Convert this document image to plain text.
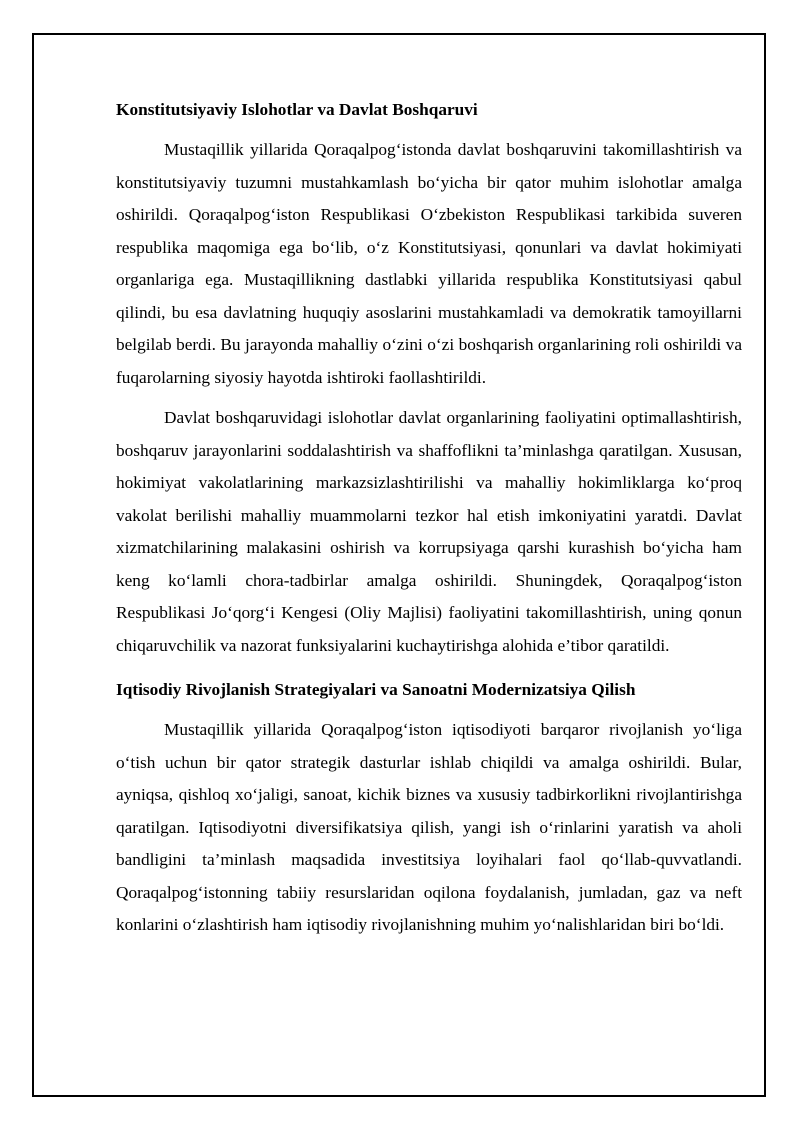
Konstitutsiyaviy Islohotlar va Davlat Boshqaruvi

Mustaqillik yillarida Qoraqalpog‘istonda davlat boshqaruvini takomillashtirish va konstitutsiyaviy tuzumni mustahkamlash bo‘yicha bir qator muhim islohotlar amalga oshirildi. Qoraqalpog‘iston Respublikasi O‘zbekiston Respublikasi tarkibida suveren respublika maqomiga ega bo‘lib, o‘z Konstitutsiyasi, qonunlari va davlat hokimiyati organlariga ega. Mustaqillikning dastlabki yillarida respublika Konstitutsiyasi qabul qilindi, bu esa davlatning huquqiy asoslarini mustahkamladi va demokratik tamoyillarni belgilab berdi. Bu jarayonda mahalliy o‘zini o‘zi boshqarish organlarining roli oshirildi va fuqarolarning siyosiy hayotda ishtiroki faollashtirildi.

Davlat boshqaruvidagi islohotlar davlat organlarining faoliyatini optimallashtirish, boshqaruv jarayonlarini soddalashtirish va shaffoflikni ta’minlashga qaratilgan. Xususan, hokimiyat vakolatlarining markazsizlashtirilishi va mahalliy hokimliklarga ko‘proq vakolat berilishi mahalliy muammolarni tezkor hal etish imkoniyatini yaratdi. Davlat xizmatchilarining malakasini oshirish va korrupsiyaga qarshi kurashish bo‘yicha ham keng ko‘lamli chora-tadbirlar amalga oshirildi. Shuningdek, Qoraqalpog‘iston Respublikasi Jo‘qorg‘i Kengesi (Oliy Majlisi) faoliyatini takomillashtirish, uning qonun chiqaruvchilik va nazorat funksiyalarini kuchaytirishga alohida e’tibor qaratildi.

Iqtisodiy Rivojlanish Strategiyalari va Sanoatni Modernizatsiya Qilish

Mustaqillik yillarida Qoraqalpog‘iston iqtisodiyoti barqaror rivojlanish yo‘liga o‘tish uchun bir qator strategik dasturlar ishlab chiqildi va amalga oshirildi. Bular, ayniqsa, qishloq xo‘jaligi, sanoat, kichik biznes va xususiy tadbirkorlikni rivojlantirishga qaratilgan. Iqtisodiyotni diversifikatsiya qilish, yangi ish o‘rinlarini yaratish va aholi bandligini ta’minlash maqsadida investitsiya loyihalari faol qo‘llab-quvvatlandi. Qoraqalpog‘istonning tabiiy resurslaridan oqilona foydalanish, jumladan, gaz va neft konlarini o‘zlashtirish ham iqtisodiy rivojlanishning muhim yo‘nalishlaridan biri bo‘ldi.
